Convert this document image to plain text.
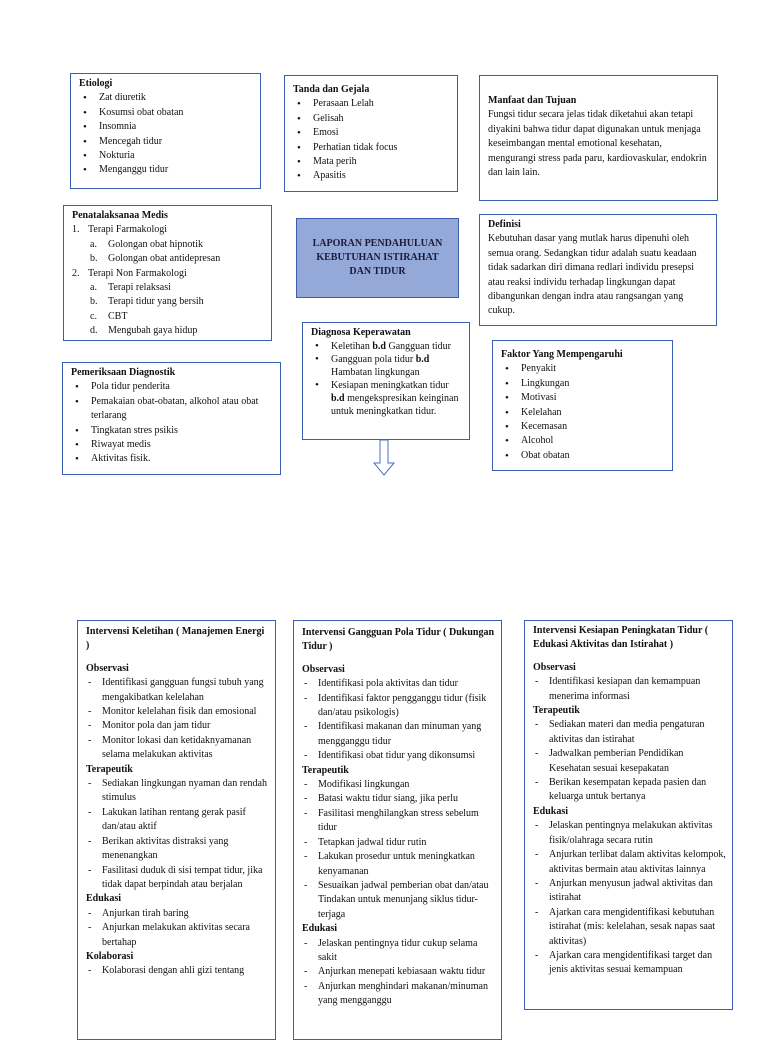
Etiologi
• Zat diuretik
• Kosumsi obat obatan
• Insomnia
• Mencegah tidur
• Nokturia
• Menganggu tidur
Tanda dan Gejala
• Perasaan Lelah
• Gelisah
• Emosi
• Perhatian tidak focus
• Mata perih
• Apasitis
Manfaat dan Tujuan

Fungsi tidur secara jelas tidak diketahui akan tetapi diyakini bahwa tidur dapat digunakan untuk menjaga keseimbangan mental emotional kesehatan, mengurangi stress pada paru, kardiovaskular, endokrin dan lain lain.

Penatalaksanaa Medis
1. Terapi Farmakologi
a. Golongan obat hipnotik
b. Golongan obat antidepresan
2. Terapi Non Farmakologi
a. Terapi relaksasi
b. Terapi tidur yang bersih
c. CBT
d. Mengubah gaya hidup
LAPORAN PENDAHULUAN KEBUTUHAN ISTIRAHAT DAN TIDUR
Definisi

Kebutuhan dasar yang mutlak harus dipenuhi oleh semua orang. Sedangkan tidur adalah suatu keadaan tidak sadarkan diri dimana redlari individu presepsi atau reaksi individu terhadap lingkungan dapat dibangunkan dengan indra atau rangsangan yang cukup.

Diagnosa Keperawatan
• Keletihan b.d Gangguan tidur
• Gangguan pola tidur b.d Hambatan lingkungan
• Kesiapan meningkatkan tidur b.d mengekspresikan keinginan untuk meningkatkan tidur.
Faktor Yang Mempengaruhi
• Penyakit
• Lingkungan
• Motivasi
• Kelelahan
• Kecemasan
• Alcohol
• Obat obatan
Pemeriksaan Diagnostik
• Pola tidur penderita
• Pemakaian obat-obatan, alkohol atau obat terlarang
• Tingkatan stres psikis
• Riwayat medis
• Aktivitas fisik.
Intervensi Keletihan ( Manajemen Energi )
Observasi
- Identifikasi gangguan fungsi tubuh yang mengakibatkan kelelahan
- Monitor kelelahan fisik dan emosional
- Monitor pola dan jam tidur
- Monitor lokasi dan ketidaknyamanan selama melakukan aktivitas
Terapeutik
- Sediakan lingkungan nyaman dan rendah stimulus
- Lakukan latihan rentang gerak pasif dan/atau aktif
- Berikan aktivitas distraksi yang menenangkan
- Fasilitasi duduk di sisi tempat tidur, jika tidak dapat berpindah atau berjalan
Edukasi
- Anjurkan tirah baring
- Anjurkan melakukan aktivitas secara bertahap
Kolaborasi
- Kolaborasi dengan ahli gizi tentang
Intervensi Gangguan Pola Tidur ( Dukungan Tidur )
Observasi
- Identifikasi pola aktivitas dan tidur
- Identifikasi faktor pengganggu tidur (fisik dan/atau psikologis)
- Identifikasi makanan dan minuman yang mengganggu tidur
- Identifikasi obat tidur yang dikonsumsi
Terapeutik
- Modifikasi lingkungan
- Batasi waktu tidur siang, jika perlu
- Fasilitasi menghilangkan stress sebelum tidur
- Tetapkan jadwal tidur rutin
- Lakukan prosedur untuk meningkatkan kenyamanan
- Sesuaikan jadwal pemberian obat dan/atau Tindakan untuk menunjang siklus tidur-terjaga
Edukasi
- Jelaskan pentingnya tidur cukup selama sakit
- Anjurkan menepati kebiasaan waktu tidur
- Anjurkan menghindari makanan/minuman yang mengganggu
Intervensi Kesiapan Peningkatan Tidur ( Edukasi Aktivitas dan Istirahat )
Observasi
- Identifikasi kesiapan dan kemampuan menerima informasi
Terapeutik
- Sediakan materi dan media pengaturan aktivitas dan istirahat
- Jadwalkan pemberian Pendidikan Kesehatan sesuai kesepakatan
- Berikan kesempatan kepada pasien dan keluarga untuk bertanya
Edukasi
- Jelaskan pentingnya melakukan aktivitas fisik/olahraga secara rutin
- Anjurkan terlibat dalam aktivitas kelompok, aktivitas bermain atau aktivitas lainnya
- Anjurkan menyusun jadwal aktivitas dan istirahat
- Ajarkan cara mengidentifikasi kebutuhan istirahat (mis: kelelahan, sesak napas saat aktivitas)
- Ajarkan cara mengidentifikasi target dan jenis aktivitas sesuai kemampuan
